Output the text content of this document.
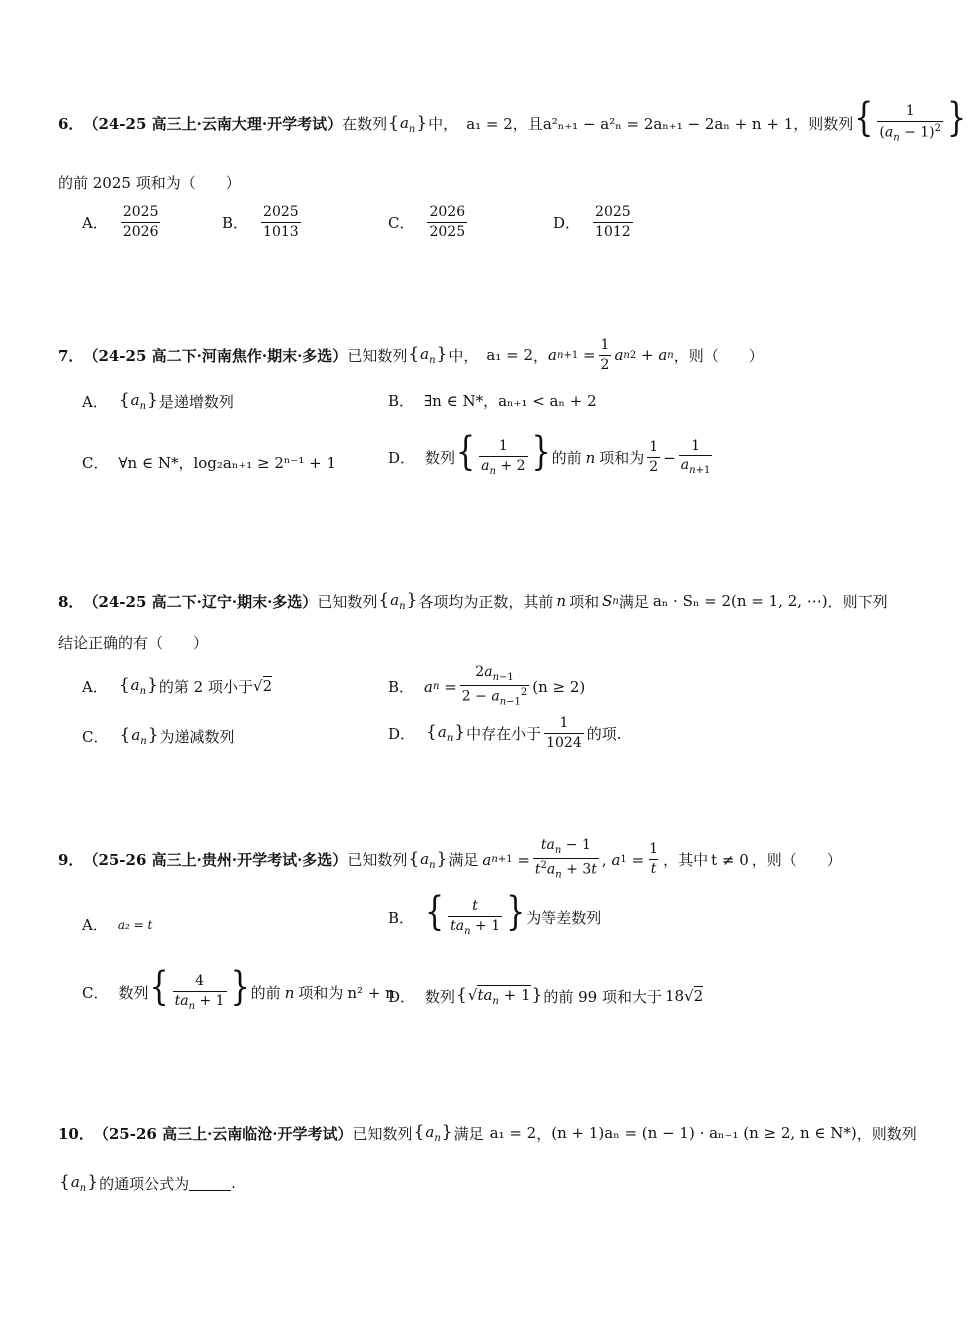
6． （24-25 高三上·云南大理·开学考试） 在数列 $\{a_n\}$ 中， a₁ = 2 ，且 a²ₙ₊₁ − a²ₙ = 2aₙ₊₁ − 2aₙ + n + 1 ，则数列 { $\frac{1}{(a_n - 1)^2}$ }
的前 2025 项和为（　　）
A． $\frac{2025}{2026}$	B． $\frac{2025}{1013}$	C． $\frac{2026}{2025}$	D． $\frac{2025}{1012}$
7． （24-25 高二下·河南焦作·期末·多选） 已知数列 $\{a_n\}$ 中， a₁ = 2 ， a $n+1 = \frac{1}{2}$ a n 2 + a n ，则（　　）
A． $\{a_n\}$ 是递增数列	B． ∃n ∈ N*，aₙ₊₁ < aₙ + 2
C． ∀n ∈ N*，log₂aₙ₊₁ ≥ 2ⁿ⁻¹ + 1	D． 数列 { $\frac{1}{a_n + 2}$ } 的前 n 项和为 $\frac{1}{2} - \frac{1}{a_{n+1}}$
8． （24-25 高二下·辽宁·期末·多选） 已知数列 $\{a_n\}$ 各项均为正数，其前 n 项和 S n 满足 aₙ · Sₙ = 2(n = 1, 2, ⋯) ．则下列
结论正确的有（　　）
A． $\{a_n\}$ 的第 2 项小于 √2	B． a $n = \frac{2a_{n-1}}{2 - a_{n-1}^2} (n \ge 2)$
C． $\{a_n\}$ 为递减数列	D． $\{a_n\}$ 中存在小于 $\frac{1}{1024}$ 的项.
9． （25-26 高三上·贵州·开学考试·多选） 已知数列 $\{a_n\}$ 满足 a $n+1 = \frac{ta_n - 1}{t^2a_n + 3t}$ , a $1 = \frac{1}{t}$ ，其中 t ≠ 0 ，则（　　）
A． a₂ = t	B． { $\frac{t}{ta_n + 1}$ } 为等差数列
C． 数列 { $\frac{4}{ta_n + 1}$ } 的前 n 项和为 n² + n
D． 数列 $\{√ta_n + 1\}$ 的前 99 项和大于 18√2
10． （25-26 高三上·云南临沧·开学考试） 已知数列 $\{a_n\}$ 满足 a₁ = 2 ， (n + 1)aₙ = (n − 1) · aₙ₋₁ (n ≥ 2, n ∈ N*) ，则数列
$\{a_n\}$ 的通项公式为	.
